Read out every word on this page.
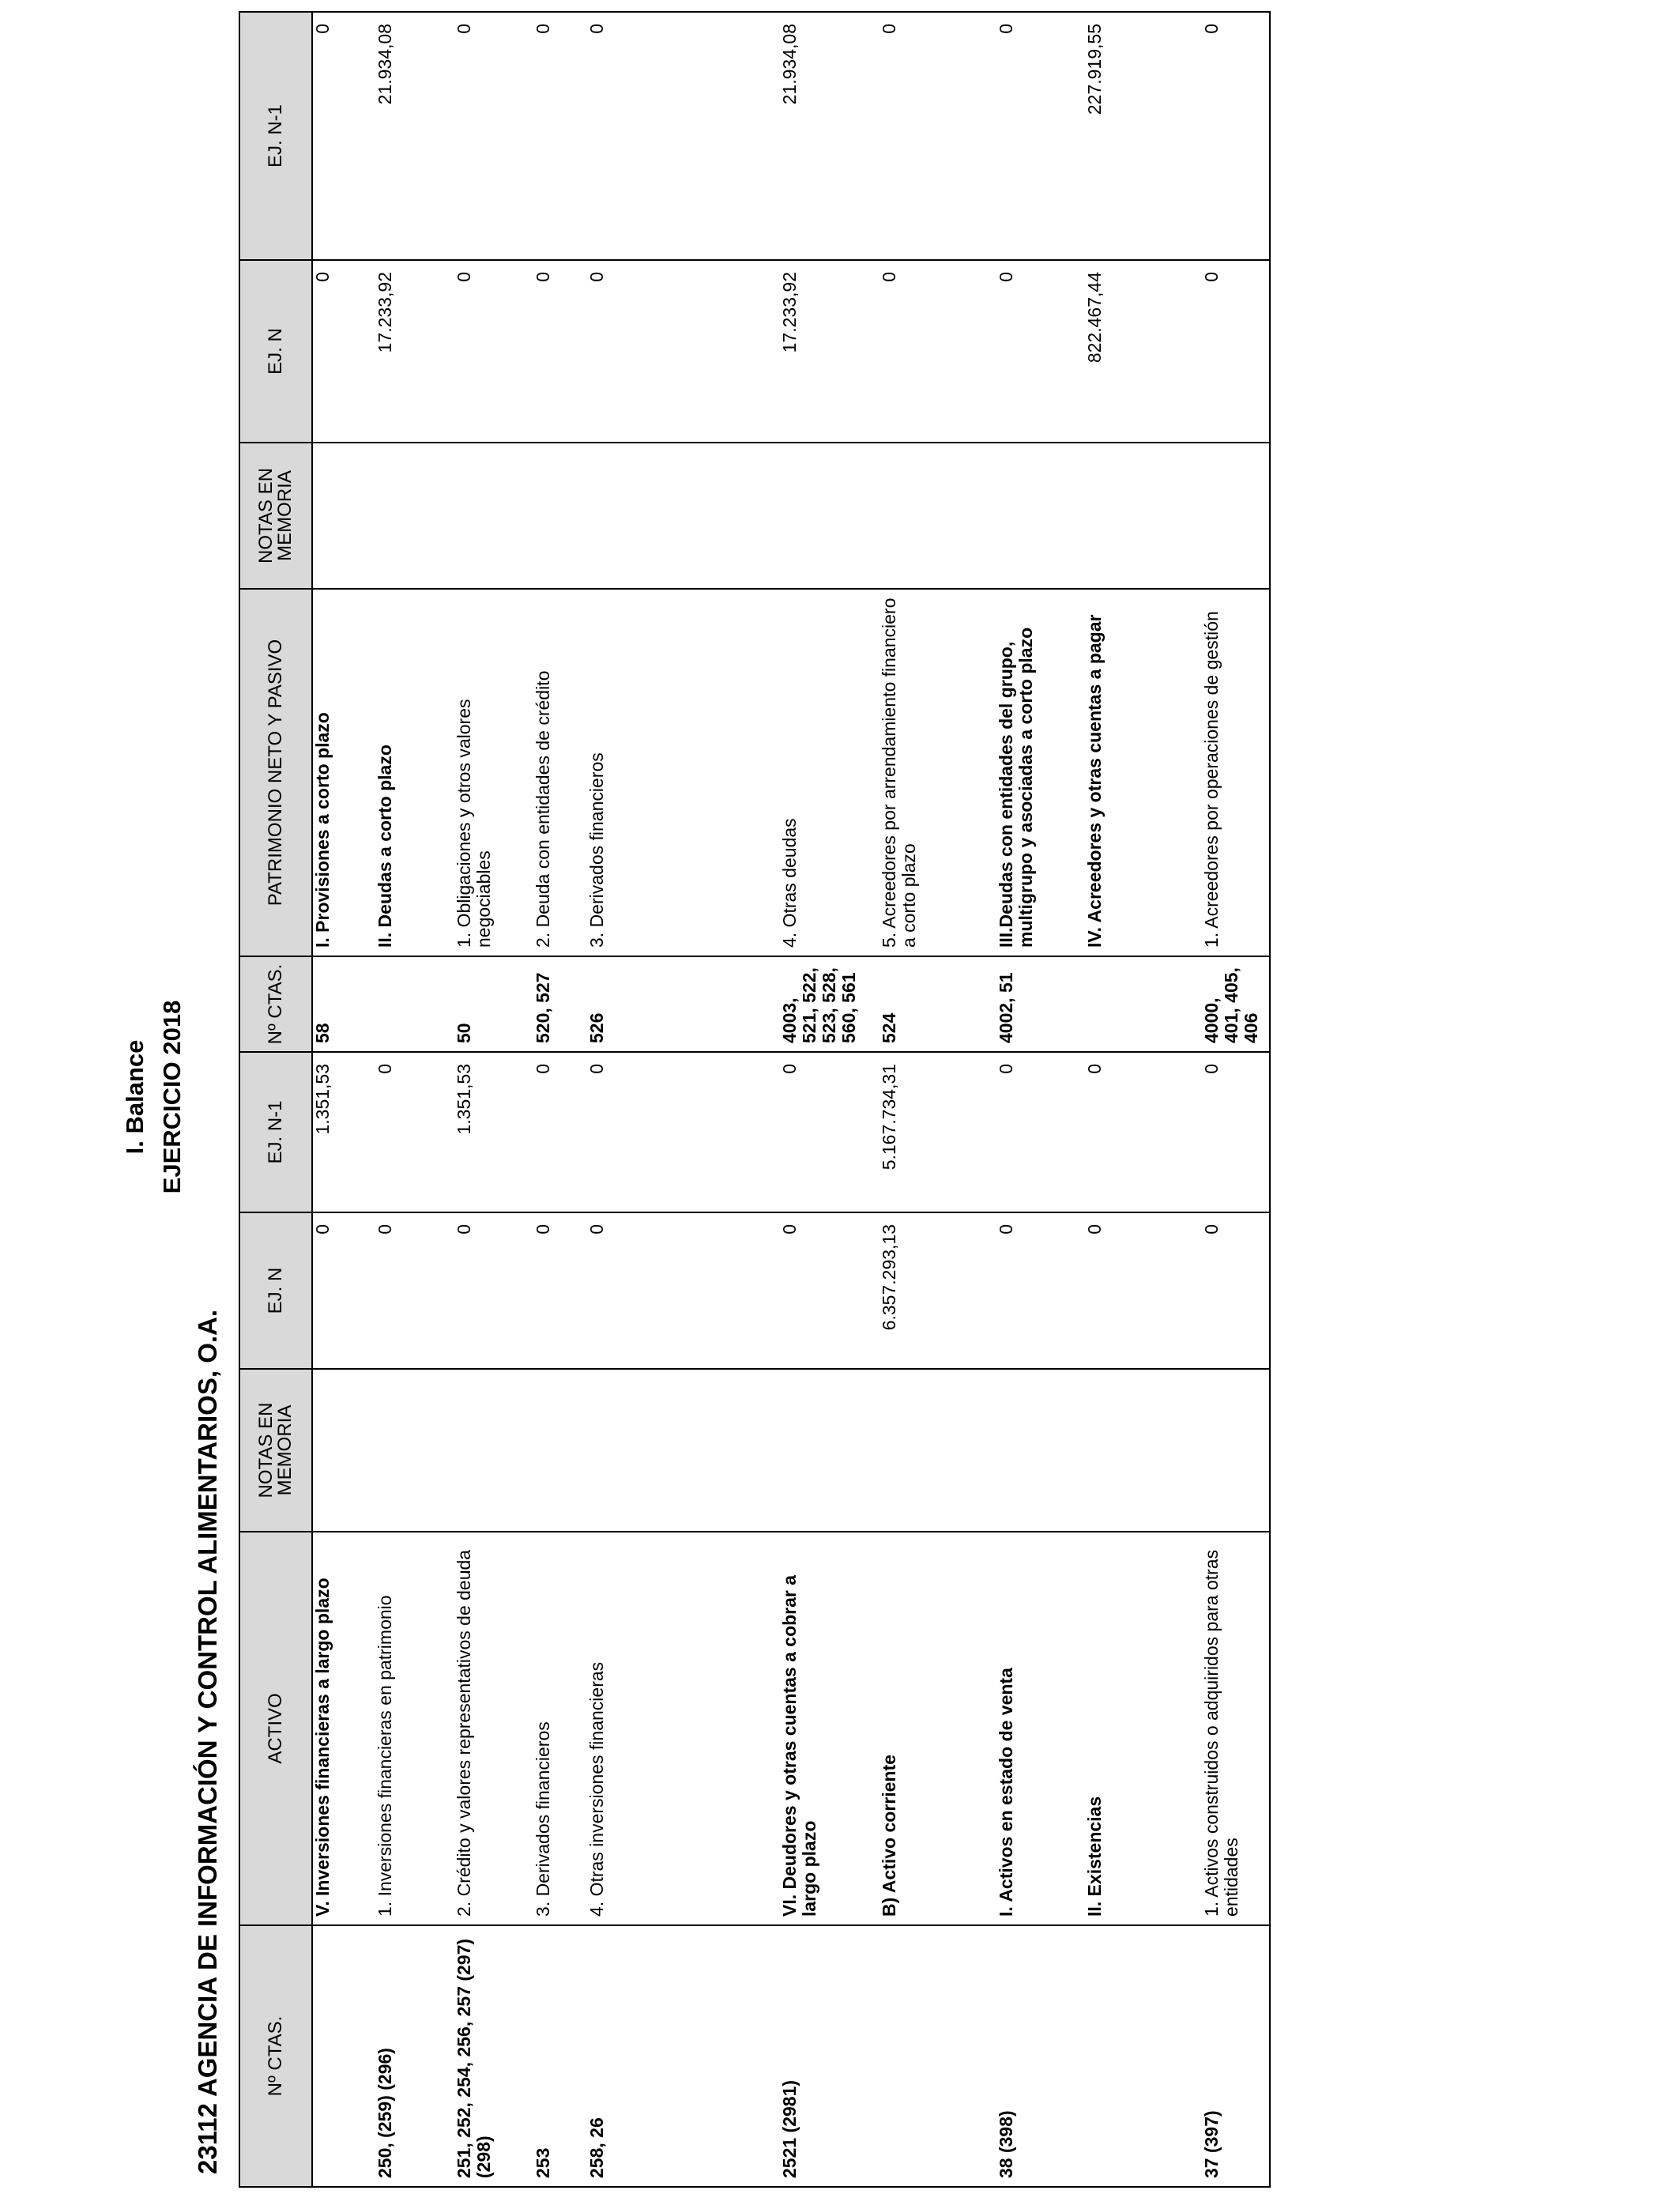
I. Balance EJERCICIO 2018
23112 AGENCIA DE INFORMACIÓN Y CONTROL ALIMENTARIOS, O.A. Nº CTAS.	ACTIVO	NOTAS EN MEMORIA	EJ. N	EJ. N-1	Nº CTAS.	PATRIMONIO NETO Y PASIVO	NOTAS EN MEMORIA	EJ. N	EJ. N-1
	V. Inversiones financieras a largo plazo		0	1.351,53	58	I. Provisiones a corto plazo		0	0
250, (259) (296)	1. Inversiones financieras en patrimonio		0	0		II. Deudas a corto plazo		17.233,92	21.934,08
251, 252, 254, 256, 257 (297) (298)	2. Crédito y valores representativos de deuda		0	1.351,53	50	1. Obligaciones y otros valores negociables		0	0
253	3. Derivados financieros		0	0	520, 527	2. Deuda con entidades de crédito		0	0
258, 26	4. Otras inversiones financieras		0	0	526	3. Derivados financieros		0	0
2521 (2981)	VI. Deudores y otras cuentas a cobrar a largo plazo		0	0	4003, 521, 522, 523, 528, 560, 561	4. Otras deudas		17.233,92	21.934,08
	B) Activo corriente		6.357.293,13	5.167.734,31	524	5. Acreedores por arrendamiento financiero a corto plazo		0	0
38 (398)	I. Activos en estado de venta		0	0	4002, 51	III.Deudas con entidades del grupo, multigrupo y asociadas a corto plazo		0	0
	II. Existencias		0	0		IV. Acreedores y otras cuentas a pagar		822.467,44	227.919,55
37 (397)	1. Activos construidos o adquiridos para otras entidades		0	0	4000, 401, 405, 406	1. Acreedores por operaciones de gestión		0	0
